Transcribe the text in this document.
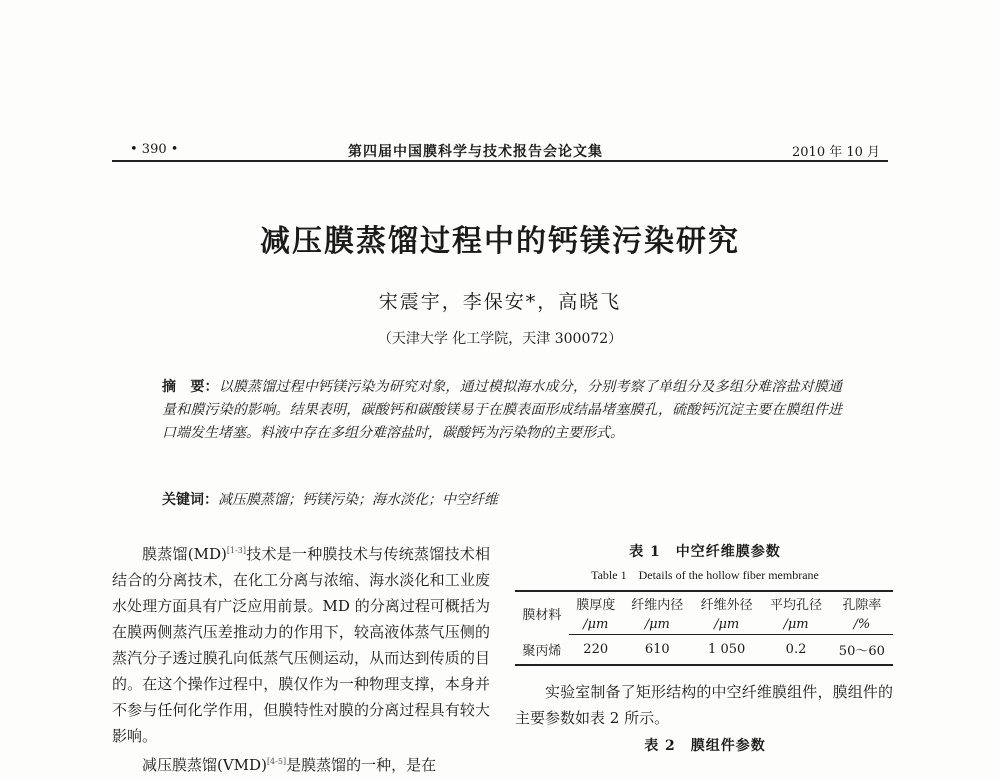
• 390 •	第四届中国膜科学与技术报告会论文集	2010 年 10 月
减压膜蒸馏过程中的钙镁污染研究
宋震宇，李保安*，高晓飞
（天津大学 化工学院，天津 300072）
摘　要：以膜蒸馏过程中钙镁污染为研究对象，通过模拟海水成分，分别考察了单组分及多组分难溶盐对膜通量和膜污染的影响。结果表明，碳酸钙和碳酸镁易于在膜表面形成结晶堵塞膜孔，硫酸钙沉淀主要在膜组件进口端发生堵塞。料液中存在多组分难溶盐时，碳酸钙为污染物的主要形式。
关键词：减压膜蒸馏；钙镁污染；海水淡化；中空纤维

膜蒸馏(MD)[1-3]技术是一种膜技术与传统蒸馏技术相结合的分离技术，在化工分离与浓缩、海水淡化和工业废水处理方面具有广泛应用前景。MD 的分离过程可概括为在膜两侧蒸汽压差推动力的作用下，较高液体蒸气压侧的蒸汽分子透过膜孔向低蒸气压侧运动，从而达到传质的目的。在这个操作过程中，膜仅作为一种物理支撑，本身并不参与任何化学作用，但膜特性对膜的分离过程具有较大影响。

减压膜蒸馏(VMD)[4-5]是膜蒸馏的一种，是在

表 1　中空纤维膜参数
Table 1　Details of the hollow fiber membrane
膜材料	膜厚度	纤维内径	纤维外径	平均孔径	孔隙率
	/μm	/μm	/μm	/μm	/%
聚丙烯	220	610	1 050	0.2	50～60

实验室制备了矩形结构的中空纤维膜组件，膜组件的主要参数如表 2 所示。

表 2　膜组件参数
